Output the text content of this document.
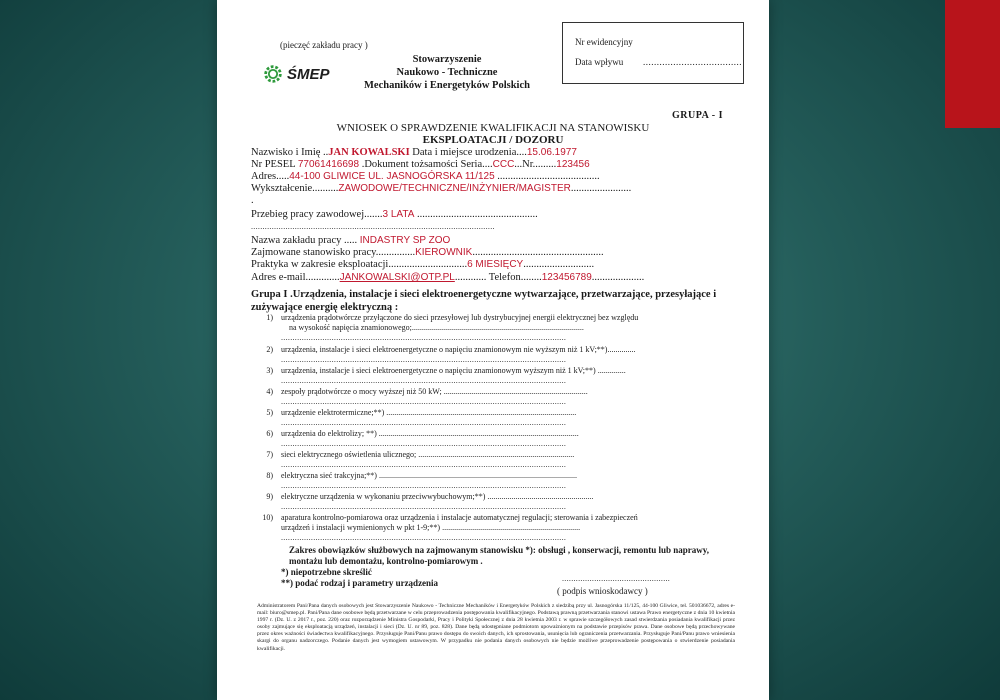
(pieczęć zakładu pracy )
ŚMEP
Stowarzyszenie
Naukowo - Techniczne
Mechaników i Energetyków Polskich
Nr ewidencyjny
Data wpływu ....................................
GRUPA - I
WNIOSEK O SPRAWDZENIE KWALIFIKACJI NA STANOWISKU
EKSPLOATACJI / DOZORU
Nazwisko i Imię ..JAN KOWALSKI Data i miejsce urodzenia....15.06.1977
Nr PESEL 77061416698 .Dokument tożsamości Seria....CCC...Nr.........123456
Adres.....44-100 GLIWICE UL. JASNOGÓRSKA 11/125 .......................................
Wykształcenie..........ZAWODOWE/TECHNICZNE/INŻYNIER/MAGISTER.......................
.
Przebieg pracy zawodowej.......3 LATA ..............................................
..........................................................................................................
Nazwa zakładu pracy ..... INDASTRY SP ZOO
Zajmowane stanowisko pracy...............KIEROWNIK..................................................
Praktyka w zakresie eksploatacji..............................6 MIESIĘCY...........................
Adres e-mail.............JANKOWALSKI@OTP.PL............ Telefon........123456789....................
Grupa I .Urządzenia, instalacje i sieci elektroenergetyczne wytwarzające, przetwarzające, przesyłające i zużywające energię elektryczną :
1) urządzenia prądotwórcze przyłączone do sieci przesyłowej lub dystrybucyjnej energii elektrycznej bez względu
na wysokość napięcia znamionowego;......................................................................................
............................................................................................................................
2) urządzenia, instalacje i sieci elektroenergetyczne o napięciu znamionowym nie wyższym niż 1 kV;**)..............
............................................................................................................................
3) urządzenia, instalacje i sieci elektroenergetyczne o napięciu znamionowym wyższym niż 1 kV;**) ..............
............................................................................................................................
4) zespoły prądotwórcze o mocy wyższej niż 50 kW; ........................................................................
............................................................................................................................
5) urządzenie elektrotermiczne;**) ...............................................................................................
............................................................................................................................
6) urządzenia do elektrolizy; **) ....................................................................................................
............................................................................................................................
7) sieci elektrycznego oświetlenia ulicznego; ..............................................................................
............................................................................................................................
8) elektryczna sieć trakcyjna;**) ...................................................................................................
............................................................................................................................
9) elektryczne urządzenia w wykonaniu przeciwwybuchowym;**) .....................................................
............................................................................................................................
10) aparatura kontrolno-pomiarowa oraz urządzenia i instalacje automatycznej regulacji; sterowania i zabezpieczeń
urządzeń i instalacji wymienionych w pkt 1-9;**) .....................................................................
............................................................................................................................
Zakres obowiązków służbowych na zajmowanym stanowisku *): obsługi , konserwacji, remontu lub naprawy,
montażu lub demontażu, kontrolno-pomiarowym .
*) niepotrzebne skreślić
**) podać rodzaj i parametry urządzenia	...............................................
( podpis wnioskodawcy )
Administratorem Pani/Pana danych osobowych jest Stowarzyszenie Naukowo - Techniczne Mechaników i Energetyków Polskich z siedzibą przy ul. Jasnogórska 11/125, 44-100 Gliwice, tel. 501036672, adres e-mail: biuro@smep.pl. Pani/Pana dane osobowe będą przetwarzane w celu przeprowadzenia postępowania kwalifikacyjnego. Podstawą prawną przetwarzania stanowi ustawa Prawo energetyczne z dnia 10 kwietnia 1997 r. (Dz. U. z 2017 r., poz. 220) oraz rozporządzenie Ministra Gospodarki, Pracy i Polityki Społecznej z dnia 28 kwietnia 2003 r. w sprawie szczegółowych zasad stwierdzania posiadania kwalifikacji przez osoby zajmujące się eksploatacją urządzeń, instalacji i sieci (Dz. U. nr 89, poz. 828). Dane będą udostępniane podmiotom upoważnionym na podstawie przepisów prawa. Dane osobowe będą przechowywane przez okres ważności świadectwa kwalifikacyjnego. Przysługuje Pani/Panu prawo dostępu do swoich danych, ich sprostowania, usunięcia lub ograniczenia przetwarzania. Przysługuje Pani/Panu prawo wniesienia skargi do organu nadzorczego. Podanie danych jest wymogiem ustawowym. W przypadku nie podania danych osobowych nie będzie możliwe przeprowadzenie postępowania o stwierdzenie posiadania kwalifikacji.
